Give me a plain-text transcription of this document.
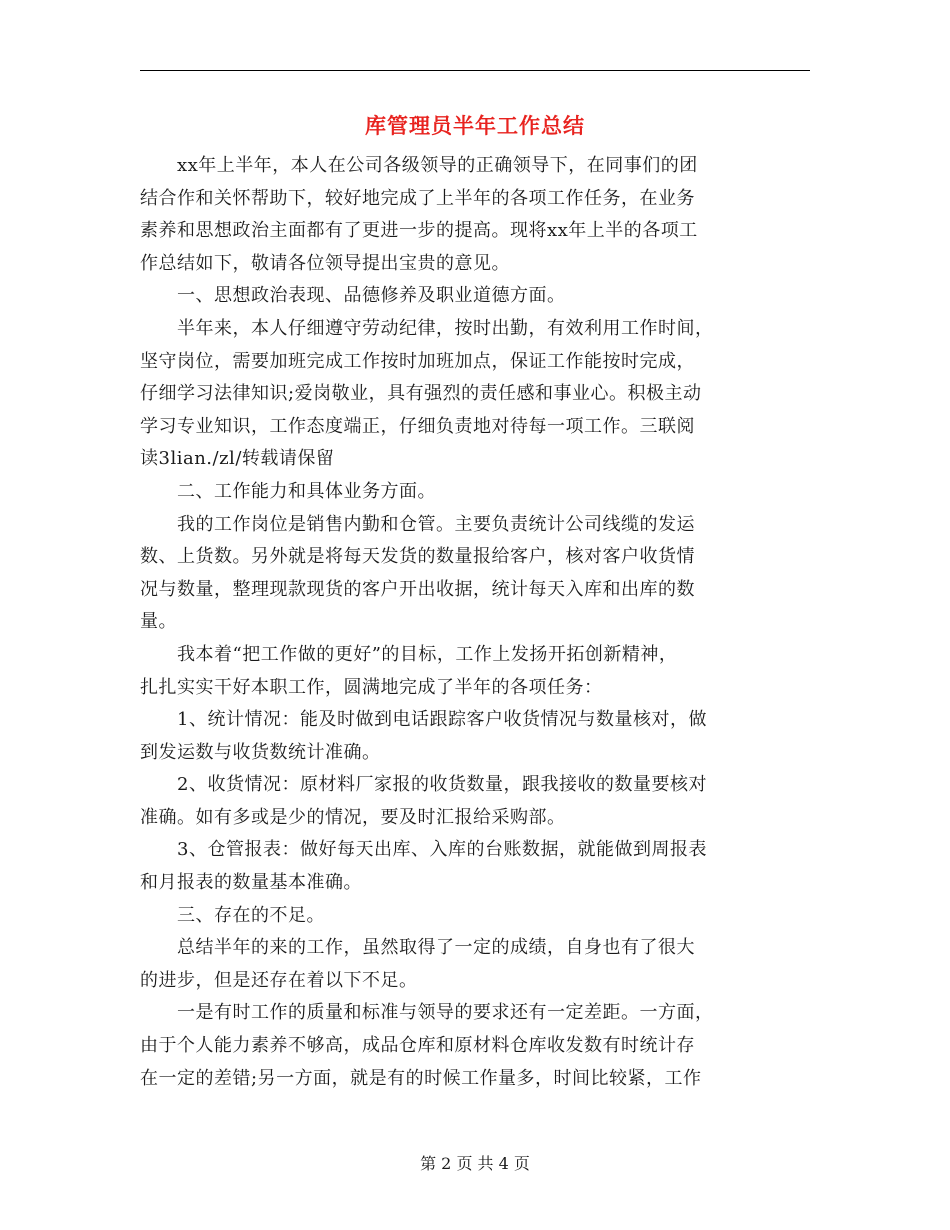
库管理员半年工作总结

　　xx年上半年，本人在公司各级领导的正确领导下，在同事们的团
结合作和关怀帮助下，较好地完成了上半年的各项工作任务，在业务
素养和思想政治主面都有了更进一步的提高。现将xx年上半的各项工
作总结如下，敬请各位领导提出宝贵的意见。

　　一、思想政治表现、品德修养及职业道德方面。

　　半年来，本人仔细遵守劳动纪律，按时出勤，有效利用工作时间，
坚守岗位，需要加班完成工作按时加班加点，保证工作能按时完成，
仔细学习法律知识;爱岗敬业，具有强烈的责任感和事业心。积极主动
学习专业知识，工作态度端正，仔细负责地对待每一项工作。三联阅
读3lian./zl/转载请保留

　　二、工作能力和具体业务方面。

　　我的工作岗位是销售内勤和仓管。主要负责统计公司线缆的发运
数、上货数。另外就是将每天发货的数量报给客户，核对客户收货情
况与数量，整理现款现货的客户开出收据，统计每天入库和出库的数
量。

　　我本着“把工作做的更好”的目标，工作上发扬开拓创新精神，
扎扎实实干好本职工作，圆满地完成了半年的各项任务：

　　1、统计情况：能及时做到电话跟踪客户收货情况与数量核对，做
到发运数与收货数统计准确。

　　2、收货情况：原材料厂家报的收货数量，跟我接收的数量要核对
准确。如有多或是少的情况，要及时汇报给采购部。

　　3、仓管报表：做好每天出库、入库的台账数据，就能做到周报表
和月报表的数量基本准确。

　　三、存在的不足。

　　总结半年的来的工作，虽然取得了一定的成绩，自身也有了很大
的进步，但是还存在着以下不足。

　　一是有时工作的质量和标准与领导的要求还有一定差距。一方面，
由于个人能力素养不够高，成品仓库和原材料仓库收发数有时统计存
在一定的差错;另一方面，就是有的时候工作量多，时间比较紧，工作

第 2 页 共 4 页
